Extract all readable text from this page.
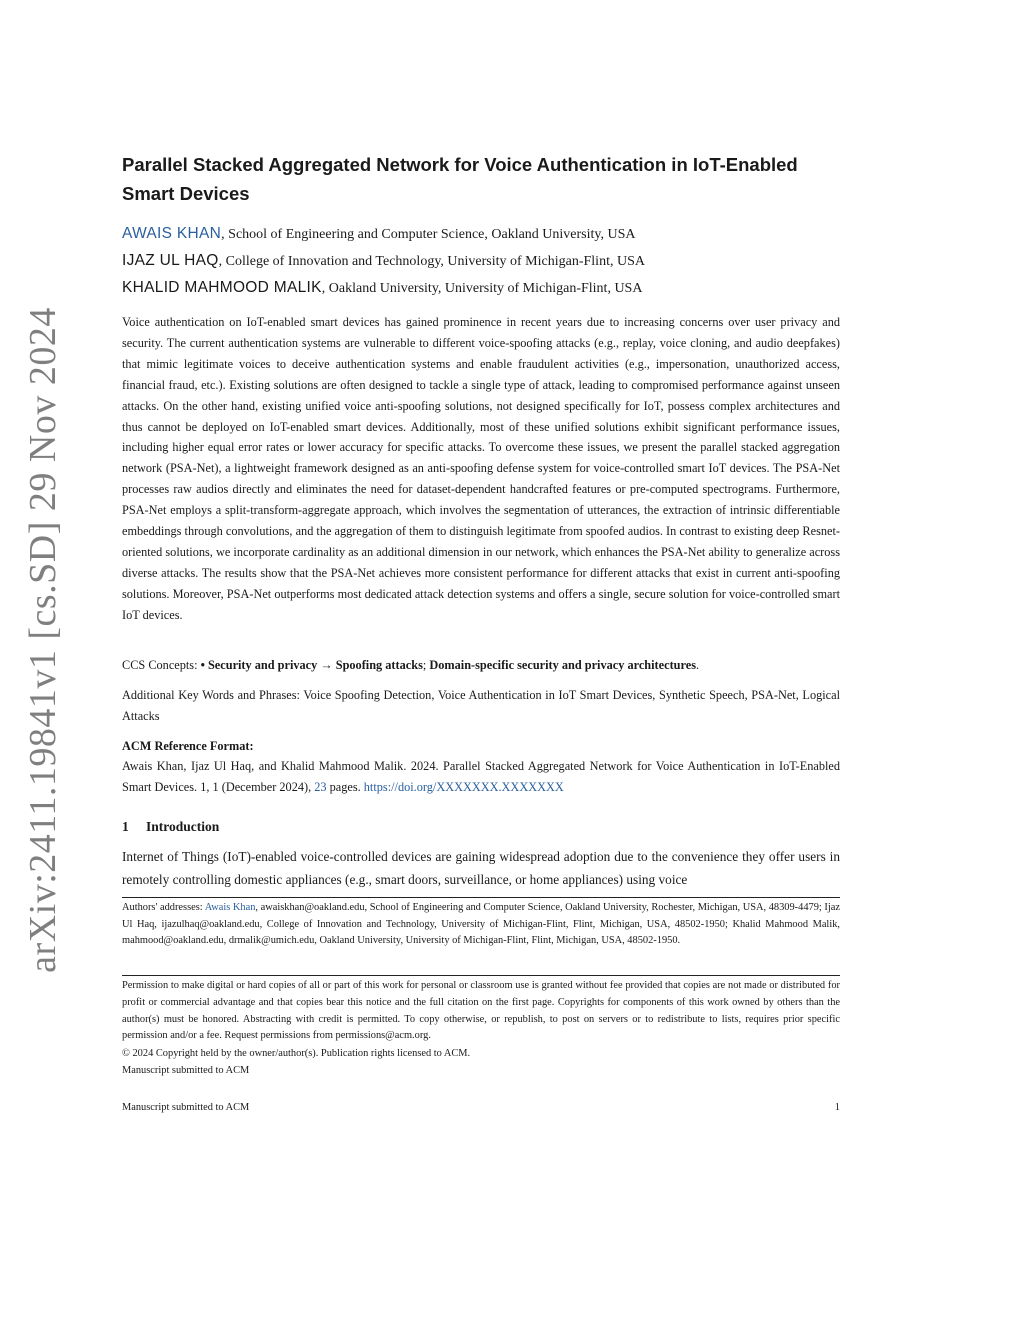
arXiv:2411.19841v1 [cs.SD] 29 Nov 2024
Parallel Stacked Aggregated Network for Voice Authentication in IoT-Enabled Smart Devices
AWAIS KHAN, School of Engineering and Computer Science, Oakland University, USA
IJAZ UL HAQ, College of Innovation and Technology, University of Michigan-Flint, USA
KHALID MAHMOOD MALIK, Oakland University, University of Michigan-Flint, USA

Voice authentication on IoT-enabled smart devices has gained prominence in recent years due to increasing concerns over user privacy and security. The current authentication systems are vulnerable to different voice-spoofing attacks (e.g., replay, voice cloning, and audio deepfakes) that mimic legitimate voices to deceive authentication systems and enable fraudulent activities (e.g., impersonation, unauthorized access, financial fraud, etc.). Existing solutions are often designed to tackle a single type of attack, leading to compromised performance against unseen attacks. On the other hand, existing unified voice anti-spoofing solutions, not designed specifically for IoT, possess complex architectures and thus cannot be deployed on IoT-enabled smart devices. Additionally, most of these unified solutions exhibit significant performance issues, including higher equal error rates or lower accuracy for specific attacks. To overcome these issues, we present the parallel stacked aggregation network (PSA-Net), a lightweight framework designed as an anti-spoofing defense system for voice-controlled smart IoT devices. The PSA-Net processes raw audios directly and eliminates the need for dataset-dependent handcrafted features or pre-computed spectrograms. Furthermore, PSA-Net employs a split-transform-aggregate approach, which involves the segmentation of utterances, the extraction of intrinsic differentiable embeddings through convolutions, and the aggregation of them to distinguish legitimate from spoofed audios. In contrast to existing deep Resnet-oriented solutions, we incorporate cardinality as an additional dimension in our network, which enhances the PSA-Net ability to generalize across diverse attacks. The results show that the PSA-Net achieves more consistent performance for different attacks that exist in current anti-spoofing solutions. Moreover, PSA-Net outperforms most dedicated attack detection systems and offers a single, secure solution for voice-controlled smart IoT devices.

CCS Concepts: • Security and privacy → Spoofing attacks; Domain-specific security and privacy architectures.
Additional Key Words and Phrases: Voice Spoofing Detection, Voice Authentication in IoT Smart Devices, Synthetic Speech, PSA-Net, Logical Attacks
ACM Reference Format:
Awais Khan, Ijaz Ul Haq, and Khalid Mahmood Malik. 2024. Parallel Stacked Aggregated Network for Voice Authentication in IoT-Enabled Smart Devices. 1, 1 (December 2024), 23 pages. https://doi.org/XXXXXXX.XXXXXXX
1 Introduction

Internet of Things (IoT)-enabled voice-controlled devices are gaining widespread adoption due to the convenience they offer users in remotely controlling domestic appliances (e.g., smart doors, surveillance, or home appliances) using voice

Authors' addresses: Awais Khan, awaiskhan@oakland.edu, School of Engineering and Computer Science, Oakland University, Rochester, Michigan, USA, 48309-4479; Ijaz Ul Haq, ijazulhaq@oakland.edu, College of Innovation and Technology, University of Michigan-Flint, Flint, Michigan, USA, 48502-1950; Khalid Mahmood Malik, mahmood@oakland.edu, drmalik@umich.edu, Oakland University, University of Michigan-Flint, Flint, Michigan, USA, 48502-1950.

Permission to make digital or hard copies of all or part of this work for personal or classroom use is granted without fee provided that copies are not made or distributed for profit or commercial advantage and that copies bear this notice and the full citation on the first page. Copyrights for components of this work owned by others than the author(s) must be honored. Abstracting with credit is permitted. To copy otherwise, or republish, to post on servers or to redistribute to lists, requires prior specific permission and/or a fee. Request permissions from permissions@acm.org.

© 2024 Copyright held by the owner/author(s). Publication rights licensed to ACM.
Manuscript submitted to ACM
Manuscript submitted to ACM	1
